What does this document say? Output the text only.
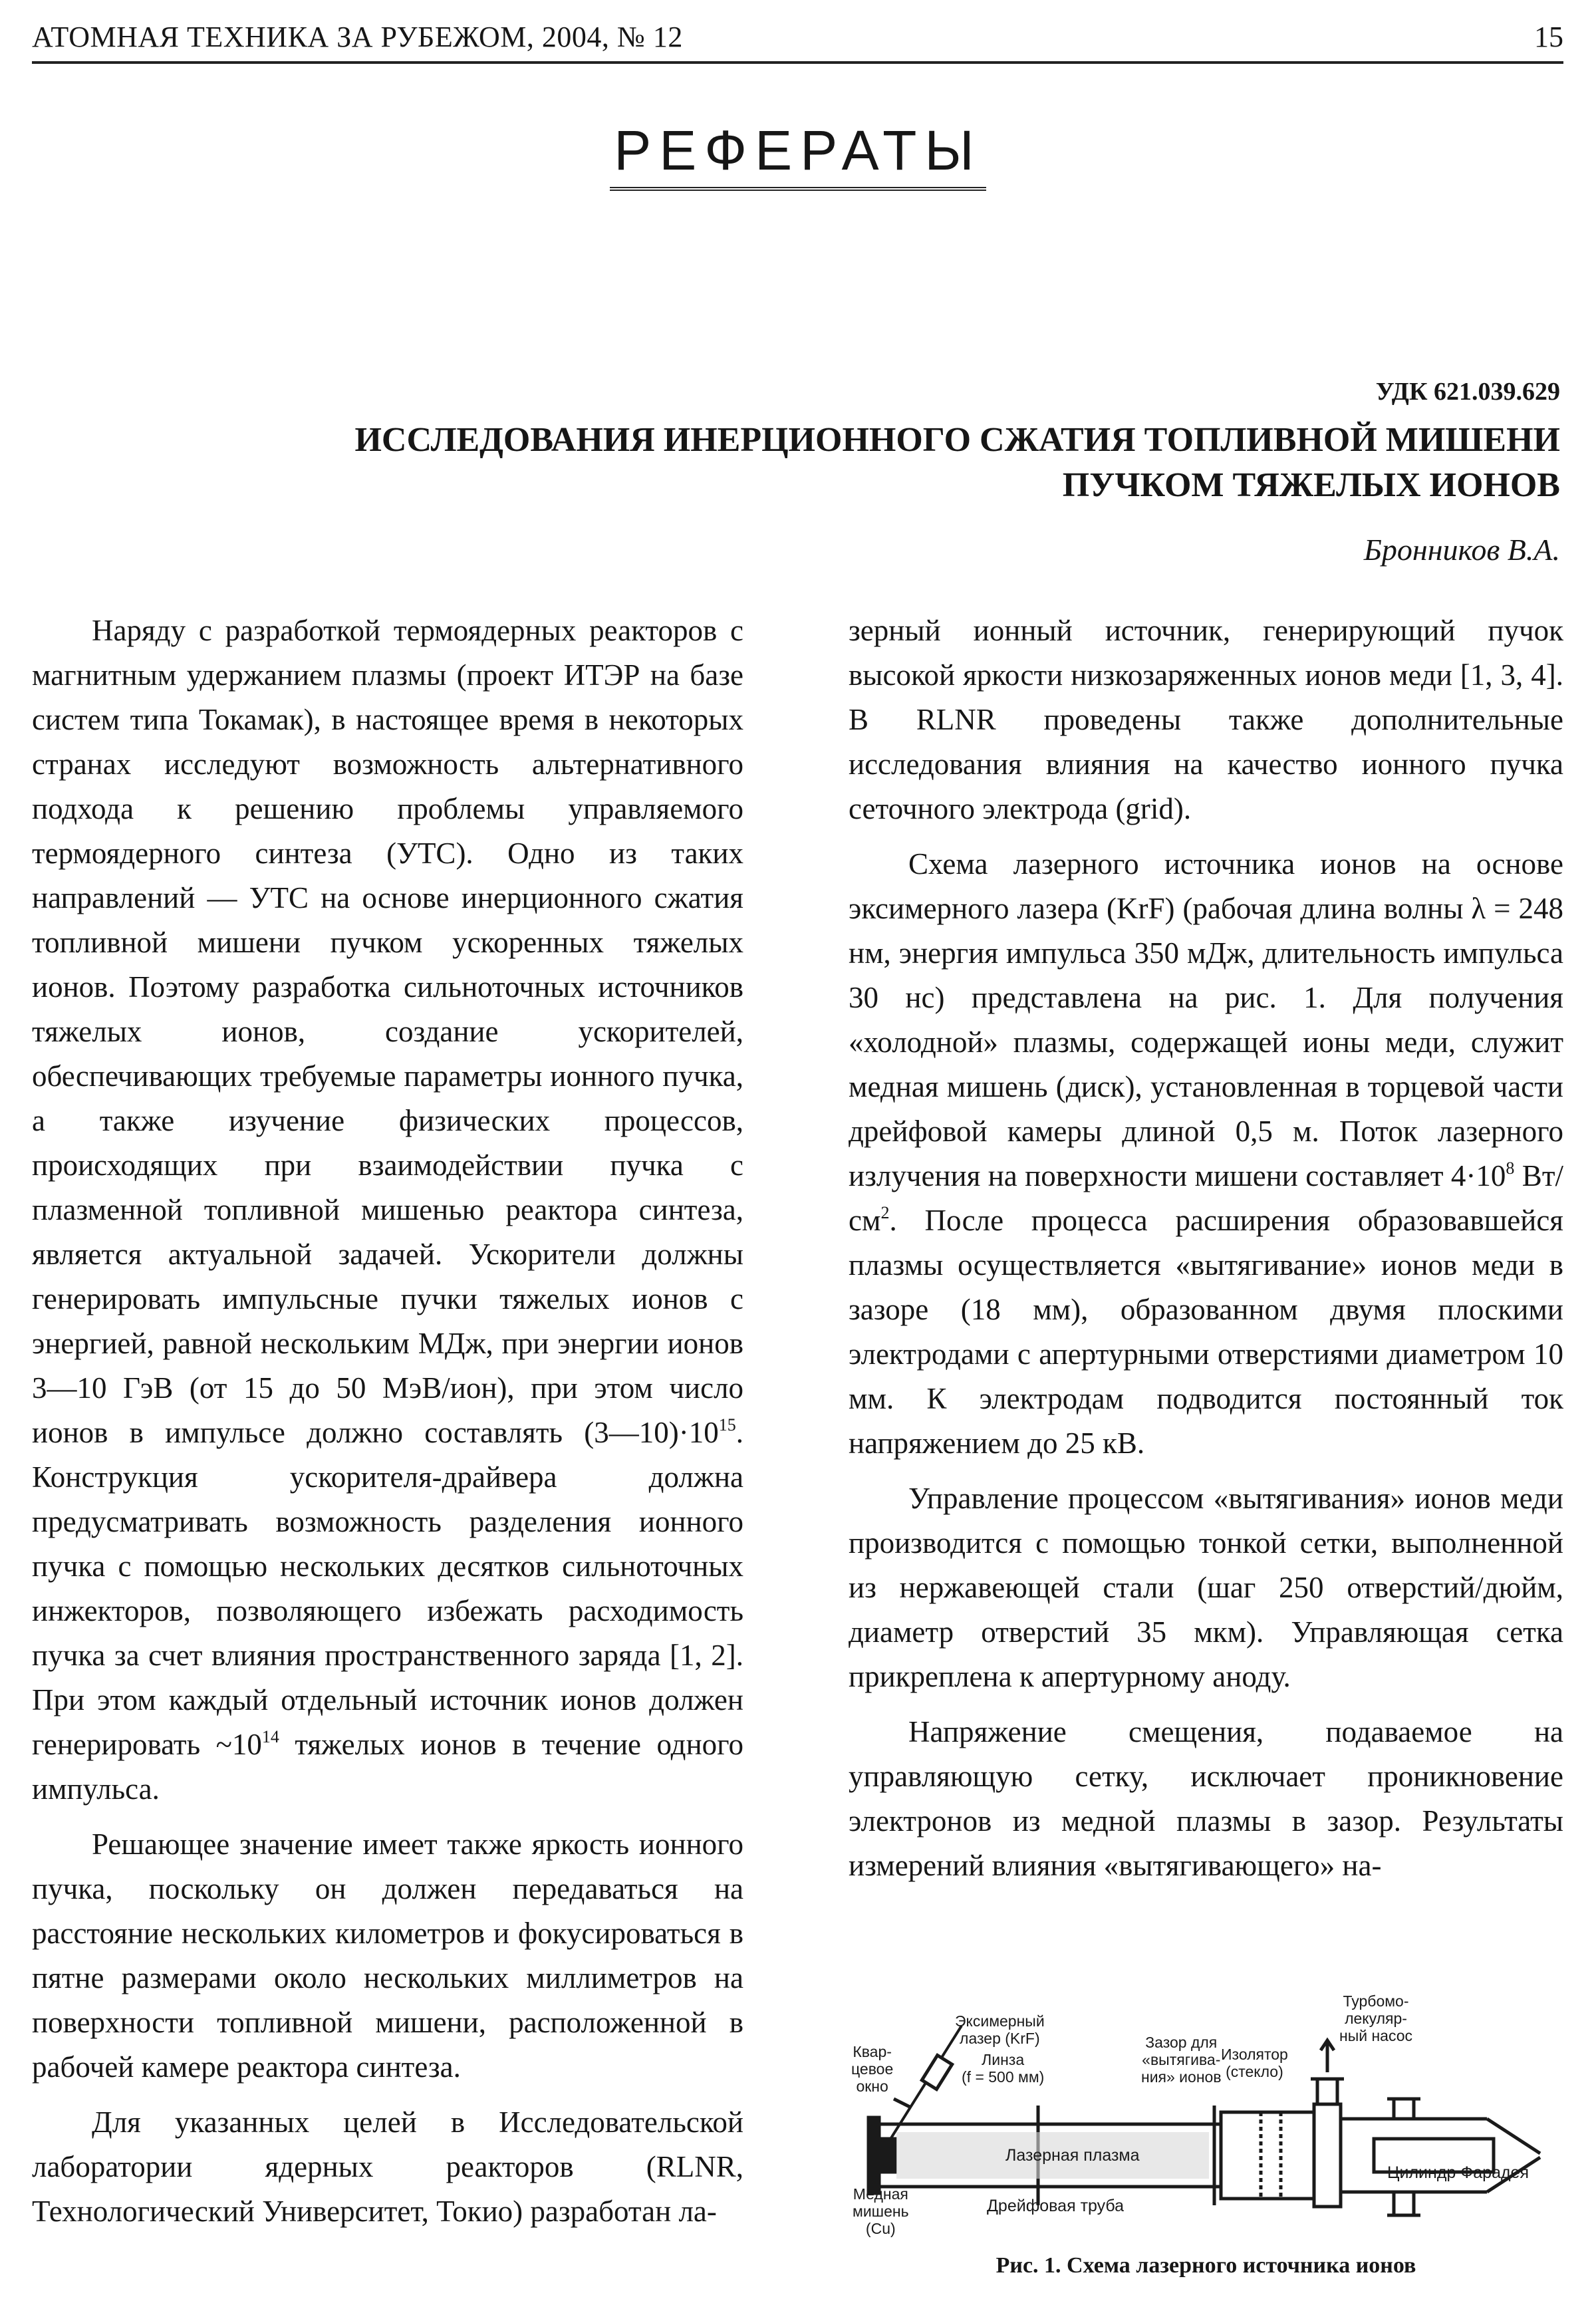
АТОМНАЯ ТЕХНИКА ЗА РУБЕЖОМ, 2004, № 12	15
РЕФЕРАТЫ
УДК 621.039.629
ИССЛЕДОВАНИЯ ИНЕРЦИОННОГО СЖАТИЯ ТОПЛИВНОЙ МИШЕНИ
ПУЧКОМ ТЯЖЕЛЫХ ИОНОВ
Бронников В.А.

Наряду с разработкой термоядерных реакторов с магнитным удержанием плазмы (проект ИТЭР на базе систем типа Токамак), в настоящее время в некоторых странах исследуют возможность альтернативного подхода к решению проблемы управляемого термоядерного синтеза (УТС). Одно из таких направлений — УТС на основе инерционного сжатия топливной мишени пучком ускоренных тяжелых ионов. Поэтому разработка сильноточных источников тяжелых ионов, создание ускорителей, обеспечивающих требуемые параметры ионного пучка, а также изучение физических процессов, происходящих при взаимодействии пучка с плазменной топливной мишенью реактора синтеза, является актуальной задачей. Ускорители должны генерировать импульсные пучки тяжелых ионов с энергией, равной нескольким МДж, при энергии ионов 3—10 ГэВ (от 15 до 50 МэВ/ион), при этом число ионов в импульсе должно составлять $(3—10)\cdot 10^{15}$. Конструкция ускорителя-драйвера должна предусматривать возможность разделения ионного пучка с помощью нескольких десятков сильноточных инжекторов, позволяющего избежать расходимость пучка за счет влияния пространственного заряда [1, 2]. При этом каждый отдельный источник ионов должен генерировать $\sim 10^{14}$ тяжелых ионов в течение одного импульса.

Решающее значение имеет также яркость ионного пучка, поскольку он должен передаваться на расстояние нескольких километров и фокусироваться в пятне размерами около нескольких миллиметров на поверхности топливной мишени, расположенной в рабочей камере реактора синтеза.

Для указанных целей в Исследовательской лаборатории ядерных реакторов (RLNR, Технологический Университет, Токио) разработан ла-

зерный ионный источник, генерирующий пучок высокой яркости низкозаряженных ионов меди [1, 3, 4]. В RLNR проведены также дополнительные исследования влияния на качество ионного пучка сеточного электрода (grid).

Схема лазерного источника ионов на основе эксимерного лазера (KrF) (рабочая длина волны λ = 248 нм, энергия импульса 350 мДж, длительность импульса 30 нс) представлена на рис. 1. Для получения «холодной» плазмы, содержащей ионы меди, служит медная мишень (диск), установленная в торцевой части дрейфовой камеры длиной 0,5 м. Поток лазерного излучения на поверхности мишени составляет $4\cdot 10^8$ $Вт/см^2$. После процесса расширения образовавшейся плазмы осуществляется «вытягивание» ионов меди в зазоре (18 мм), образованном двумя плоскими электродами с апертурными отверстиями диаметром 10 мм. К электродам подводится постоянный ток напряжением до 25 кВ.

Управление процессом «вытягивания» ионов меди производится с помощью тонкой сетки, выполненной из нержавеющей стали (шаг 250 отверстий/дюйм, диаметр отверстий 35 мкм). Управляющая сетка прикреплена к апертурному аноду.

Напряжение смещения, подаваемое на управляющую сетку, исключает проникновение электронов из медной плазмы в зазор. Результаты измерений влияния «вытягивающего» на-

Квар-
цевое
окно
Эксимерный
лазер (KrF)
Линза
(f = 500 мм)
Зазор для
«вытягива-
ния» ионов
Изолятор
(стекло)
Турбомо-
лекуляр-
ный насос
Лазерная плазма
Цилиндр Фарадея
Дрейфовая труба
Медная
мишень
(Cu)
Рис. 1. Схема лазерного источника ионов
